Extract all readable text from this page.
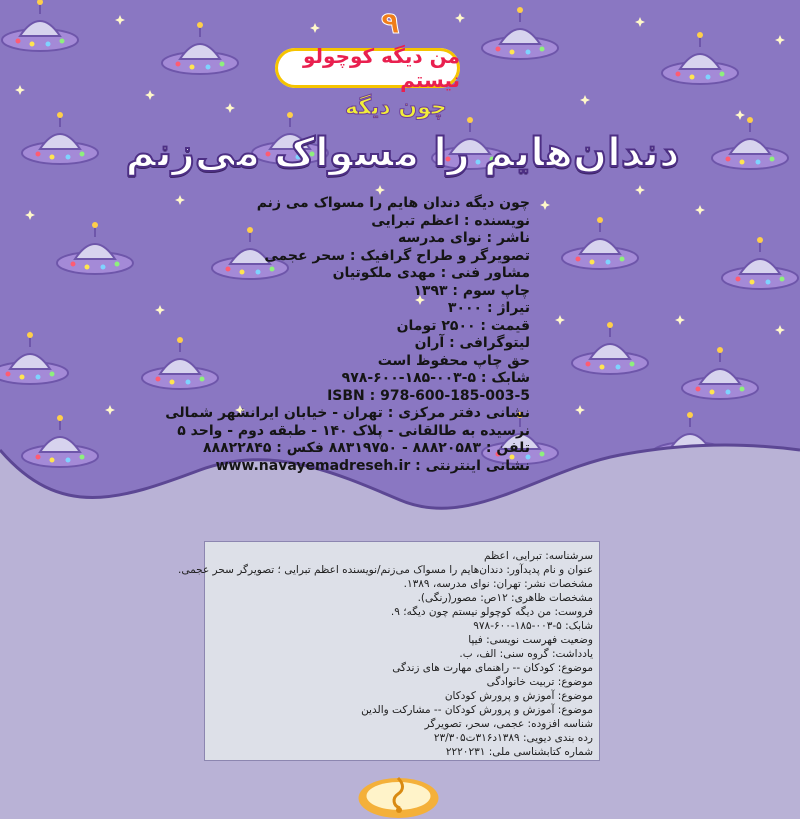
۹
من دیگه کوچولو نیستم
چون دیگه
دندان‌هایم را مسواک می‌زنم
چون دیگه دندان هایم را مسواک می زنم
نویسنده : اعظم تبرایی
ناشر : نوای مدرسه
تصویرگر و طراح گرافیک : سحر عجمی
مشاور فنی : مهدی ملکوتیان
چاپ سوم : ۱۳۹۳
تیراژ : ۳۰۰۰
قیمت : ۲۵۰۰ تومان
لیتوگرافی : آران
حق چاپ محفوظ است
شابک : ۵-۰۰۳-۱۸۵-۶۰۰-۹۷۸
ISBN : 978-600-185-003-5
نشانی دفتر مرکزی : تهران - خیابان ایرانشهر شمالی
نرسیده به طالقانی - پلاک ۱۴۰ - طبقه دوم - واحد ۵
تلفن : ۸۸۸۲۰۵۸۳ - ۸۸۳۱۹۷۵۰ فکس : ۸۸۸۲۲۸۴۵
نشانی اینترنتی : www.navayemadreseh.ir
سرشناسه: تبرایی، اعظم
عنوان و نام پدیدآور: دندان‌هایم را مسواک می‌زنم/نویسنده اعظم تبرایی ؛ تصویرگر سحر عجمی.
مشخصات نشر: تهران: نوای مدرسه، ۱۳۸۹.
مشخصات ظاهری: ۱۲ص: مصور(رنگی).
فروست: من دیگه کوچولو نیستم چون دیگه؛ ۹.
شابک: ۵-۰۰۳-۱۸۵-۶۰۰-۹۷۸
وضعیت فهرست نویسی: فیپا
یادداشت: گروه سنی: الف، ب.
موضوع: کودکان -- راهنمای مهارت های زندگی
موضوع: تربیت خانوادگی
موضوع: آموزش و پرورش کودکان
موضوع: آموزش و پرورش کودکان -- مشارکت والدین
شناسه افزوده: عجمی، سحر، تصویرگر
رده بندی دیویی: ۱۳۸۹د۳۱۶ت۲۳/۳۰۵
شماره کتابشناسی ملی: ۲۲۲۰۲۳۱
